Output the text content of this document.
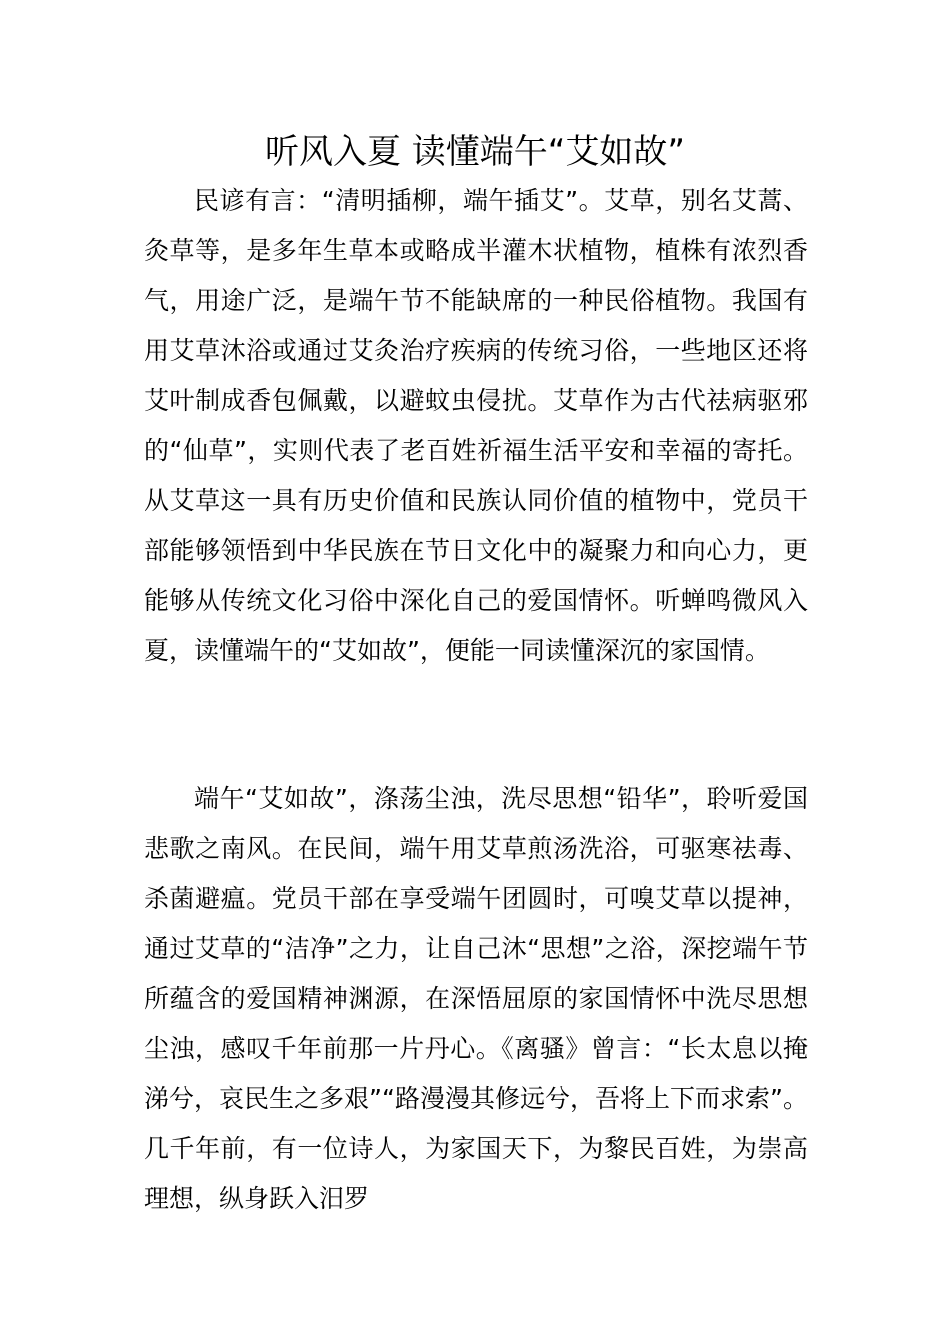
听风入夏 读懂端午“艾如故”

民谚有言：“清明插柳，端午插艾”。艾草，别名艾蒿、灸草等，是多年生草本或略成半灌木状植物，植株有浓烈香气，用途广泛，是端午节不能缺席的一种民俗植物。我国有用艾草沐浴或通过艾灸治疗疾病的传统习俗，一些地区还将艾叶制成香包佩戴，以避蚊虫侵扰。艾草作为古代祛病驱邪的“仙草”，实则代表了老百姓祈福生活平安和幸福的寄托。从艾草这一具有历史价值和民族认同价值的植物中，党员干部能够领悟到中华民族在节日文化中的凝聚力和向心力，更能够从传统文化习俗中深化自己的爱国情怀。听蝉鸣微风入夏，读懂端午的“艾如故”，便能一同读懂深沉的家国情。

端午“艾如故”，涤荡尘浊，洗尽思想“铅华”，聆听爱国悲歌之南风。在民间，端午用艾草煎汤洗浴，可驱寒祛毒、杀菌避瘟。党员干部在享受端午团圆时，可嗅艾草以提神，通过艾草的“洁净”之力，让自己沐“思想”之浴，深挖端午节所蕴含的爱国精神渊源，在深悟屈原的家国情怀中洗尽思想尘浊，感叹千年前那一片丹心。《离骚》曾言：“长太息以掩涕兮，哀民生之多艰”“路漫漫其修远兮，吾将上下而求索”。几千年前，有一位诗人，为家国天下，为黎民百姓，为崇高理想，纵身跃入汨罗
